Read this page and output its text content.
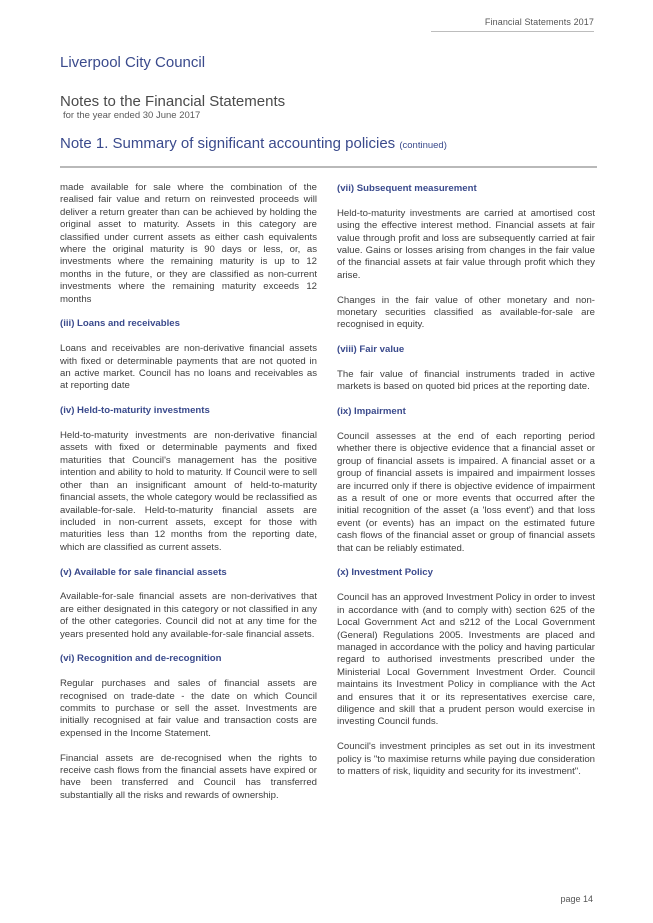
Financial Statements 2017
Liverpool City Council
Notes to the Financial Statements
for the year ended 30 June 2017
Note 1. Summary of significant accounting policies (continued)

made available for sale where the combination of the realised fair value and return on reinvested proceeds will deliver a return greater than can be achieved by holding the original asset to maturity. Assets in this category are classified under current assets as either cash equivalents where the original maturity is 90 days or less, or, as investments where the remaining maturity is up to 12 months in the future, or they are classified as non-current investments where the remaining maturity exceeds 12 months

(iii) Loans and receivables

Loans and receivables are non-derivative financial assets with fixed or determinable payments that are not quoted in an active market. Council has no loans and receivables as at reporting date

(iv) Held-to-maturity investments

Held-to-maturity investments are non-derivative financial assets with fixed or determinable payments and fixed maturities that Council's management has the positive intention and ability to hold to maturity. If Council were to sell other than an insignificant amount of held-to-maturity financial assets, the whole category would be reclassified as available-for-sale. Held-to-maturity financial assets are included in non-current assets, except for those with maturities less than 12 months from the reporting date, which are classified as current assets.

(v) Available for sale financial assets

Available-for-sale financial assets are non-derivatives that are either designated in this category or not classified in any of the other categories. Council did not at any time for the years presented hold any available-for-sale financial assets.

(vi) Recognition and de-recognition

Regular purchases and sales of financial assets are recognised on trade-date - the date on which Council commits to purchase or sell the asset. Investments are initially recognised at fair value and transaction costs are expensed in the Income Statement.

Financial assets are de-recognised when the rights to receive cash flows from the financial assets have expired or have been transferred and Council has transferred substantially all the risks and rewards of ownership.

(vii) Subsequent measurement

Held-to-maturity investments are carried at amortised cost using the effective interest method. Financial assets at fair value through profit and loss are subsequently carried at fair value. Gains or losses arising from changes in the fair value of the financial assets at fair value through profit which they arise.

Changes in the fair value of other monetary and non-monetary securities classified as available-for-sale are recognised in equity.

(viii) Fair value

The fair value of financial instruments traded in active markets is based on quoted bid prices at the reporting date.

(ix) Impairment

Council assesses at the end of each reporting period whether there is objective evidence that a financial asset or group of financial assets is impaired. A financial asset or a group of financial assets is impaired and impairment losses are incurred only if there is objective evidence of impairment as a result of one or more events that occurred after the initial recognition of the asset (a 'loss event') and that loss event (or events) has an impact on the estimated future cash flows of the financial asset or group of financial assets that can be reliably estimated.

(x) Investment Policy

Council has an approved Investment Policy in order to invest in accordance with (and to comply with) section 625 of the Local Government Act and s212 of the Local Government (General) Regulations 2005. Investments are placed and managed in accordance with the policy and having particular regard to authorised investments prescribed under the Ministerial Local Government Investment Order. Council maintains its Investment Policy in compliance with the Act and ensures that it or its representatives exercise care, diligence and skill that a prudent person would exercise in investing Council funds.

Council's investment principles as set out in its investment policy is "to maximise returns while paying due consideration to matters of risk, liquidity and security for its investment".

page 14
